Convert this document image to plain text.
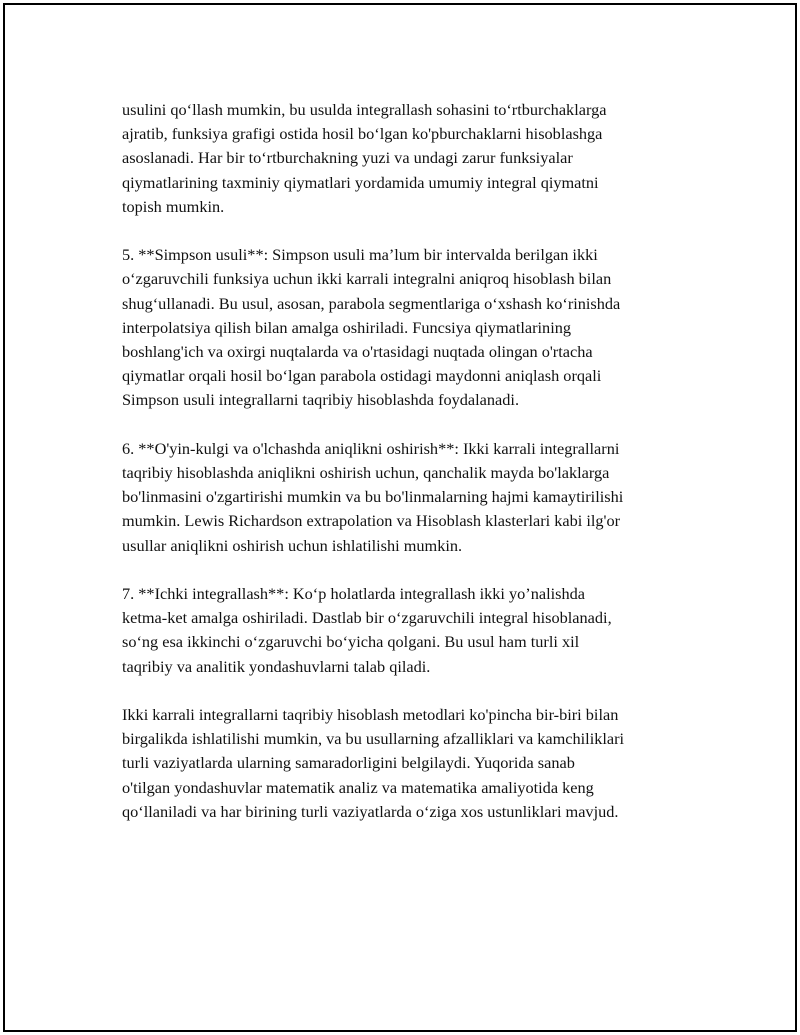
usulini qo‘llash mumkin, bu usulda integrallash sohasini to‘rtburchaklarga
ajratib, funksiya grafigi ostida hosil bo‘lgan ko'pburchaklarni hisoblashga
asoslanadi. Har bir to‘rtburchakning yuzi va undagi zarur funksiyalar
qiymatlarining taxminiy qiymatlari yordamida umumiy integral qiymatni
topish mumkin.

5. **Simpson usuli**: Simpson usuli ma’lum bir intervalda berilgan ikki
o‘zgaruvchili funksiya uchun ikki karrali integralni aniqroq hisoblash bilan
shug‘ullanadi. Bu usul, asosan, parabola segmentlariga o‘xshash ko‘rinishda
interpolatsiya qilish bilan amalga oshiriladi. Funcsiya qiymatlarining
boshlang'ich va oxirgi nuqtalarda va o'rtasidagi nuqtada olingan o'rtacha
qiymatlar orqali hosil bo‘lgan parabola ostidagi maydonni aniqlash orqali
Simpson usuli integrallarni taqribiy hisoblashda foydalanadi.

6. **O'yin-kulgi va o'lchashda aniqlikni oshirish**: Ikki karrali integrallarni
taqribiy hisoblashda aniqlikni oshirish uchun, qanchalik mayda bo'laklarga
bo'linmasini o'zgartirishi mumkin va bu bo'linmalarning hajmi kamaytirilishi
mumkin. Lewis Richardson extrapolation va Hisoblash klasterlari kabi ilg'or
usullar aniqlikni oshirish uchun ishlatilishi mumkin.

7. **Ichki integrallash**: Ko‘p holatlarda integrallash ikki yo’nalishda
ketma-ket amalga oshiriladi. Dastlab bir o‘zgaruvchili integral hisoblanadi,
so‘ng esa ikkinchi o‘zgaruvchi bo‘yicha qolgani. Bu usul ham turli xil
taqribiy va analitik yondashuvlarni talab qiladi.

Ikki karrali integrallarni taqribiy hisoblash metodlari ko'pincha bir-biri bilan
birgalikda ishlatilishi mumkin, va bu usullarning afzalliklari va kamchiliklari
turli vaziyatlarda ularning samaradorligini belgilaydi. Yuqorida sanab
o'tilgan yondashuvlar matematik analiz va matematika amaliyotida keng
qo‘llaniladi va har birining turli vaziyatlarda o‘ziga xos ustunliklari mavjud.
